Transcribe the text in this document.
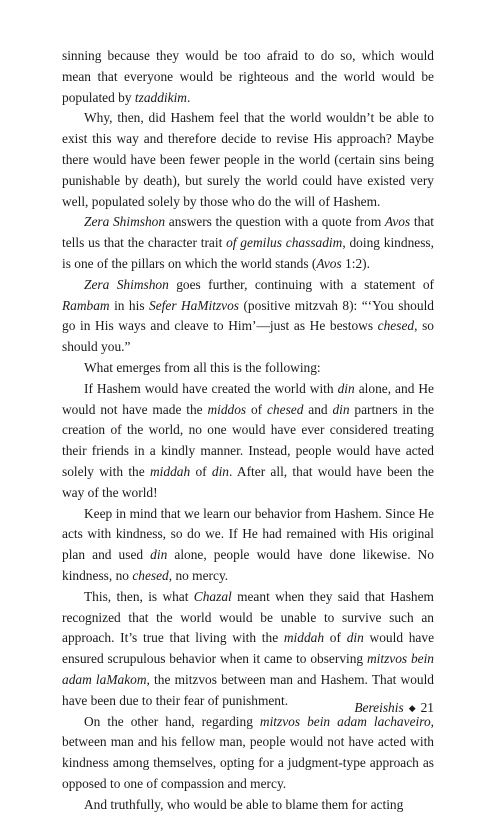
sinning because they would be too afraid to do so, which would mean that everyone would be righteous and the world would be populated by tzaddikim.

Why, then, did Hashem feel that the world wouldn’t be able to exist this way and therefore decide to revise His approach? Maybe there would have been fewer people in the world (certain sins being punishable by death), but surely the world could have existed very well, populated solely by those who do the will of Hashem.

Zera Shimshon answers the question with a quote from Avos that tells us that the character trait of gemilus chassadim, doing kindness, is one of the pillars on which the world stands (Avos 1:2).

Zera Shimshon goes further, continuing with a statement of Rambam in his Sefer HaMitzvos (positive mitzvah 8): “‘You should go in His ways and cleave to Him’—just as He bestows chesed, so should you.”

What emerges from all this is the following:

If Hashem would have created the world with din alone, and He would not have made the middos of chesed and din partners in the creation of the world, no one would have ever considered treating their friends in a kindly manner. Instead, people would have acted solely with the middah of din. After all, that would have been the way of the world!

Keep in mind that we learn our behavior from Hashem. Since He acts with kindness, so do we. If He had remained with His original plan and used din alone, people would have done likewise. No kindness, no chesed, no mercy.

This, then, is what Chazal meant when they said that Hashem recognized that the world would be unable to survive such an approach. It’s true that living with the middah of din would have ensured scrupulous behavior when it came to observing mitzvos bein adam laMakom, the mitzvos between man and Hashem. That would have been due to their fear of punishment.

On the other hand, regarding mitzvos bein adam lachaveiro, between man and his fellow man, people would not have acted with kindness among themselves, opting for a judgment-type approach as opposed to one of compassion and mercy.

And truthfully, who would be able to blame them for acting

Bereishis ◆ 21
